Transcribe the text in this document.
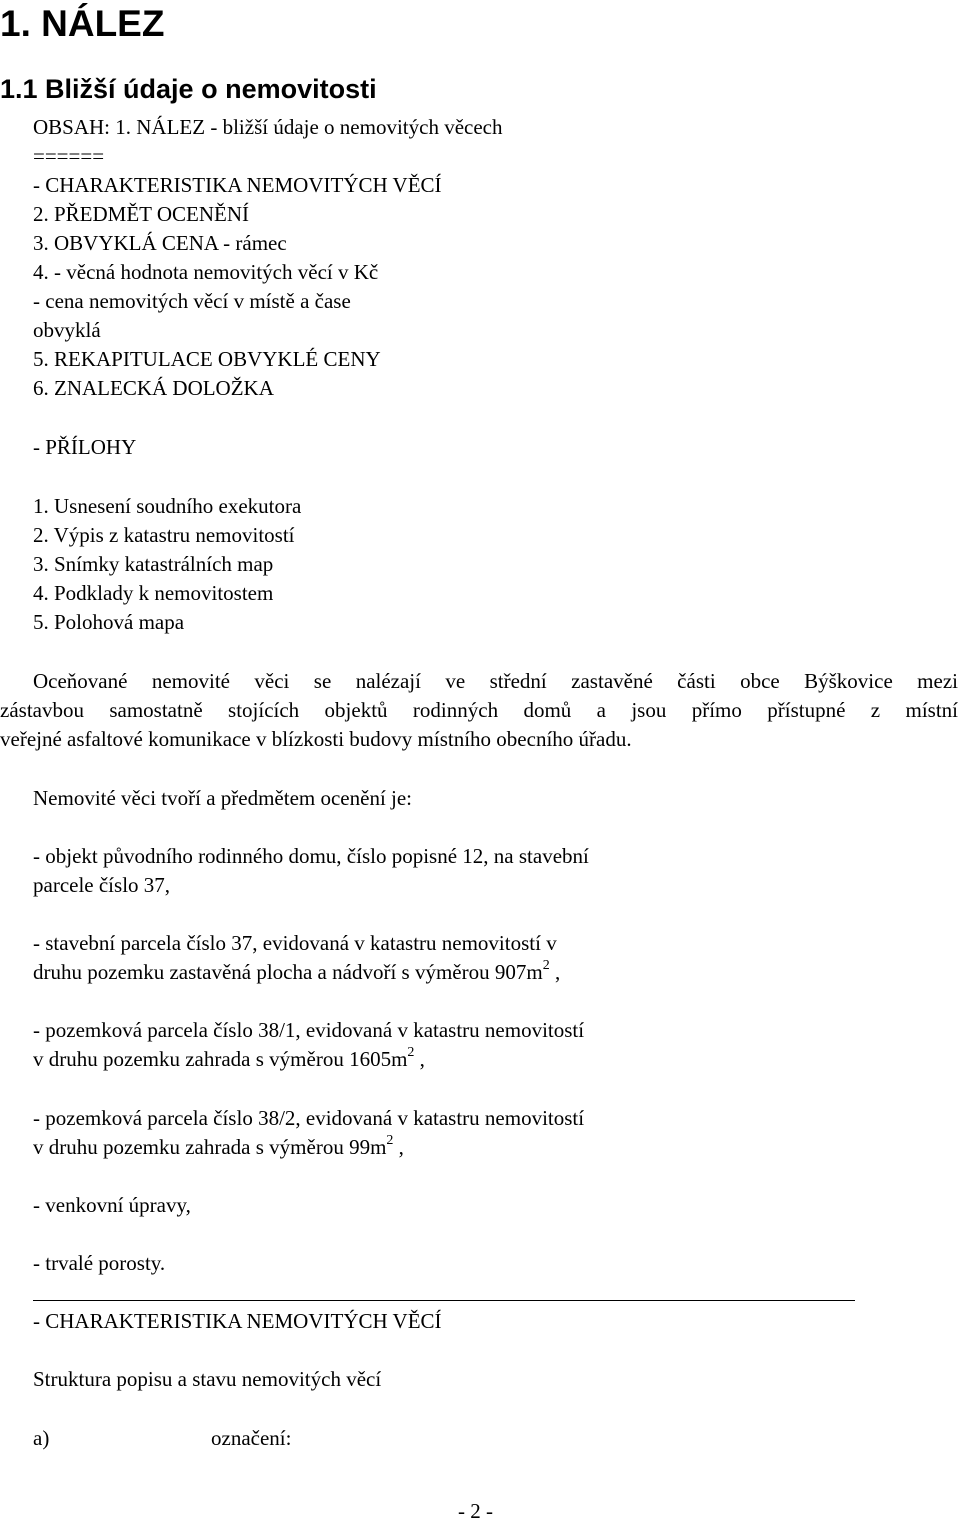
1. NÁLEZ
1.1 Bližší údaje o nemovitosti
OBSAH: 1. NÁLEZ - bližší údaje o nemovitých věcech
======
- CHARAKTERISTIKA NEMOVITÝCH VĚCÍ
2. PŘEDMĚT OCENĚNÍ
3. OBVYKLÁ CENA - rámec
4. - věcná hodnota nemovitých věcí v Kč
- cena nemovitých věcí v místě a čase
obvyklá
5. REKAPITULACE OBVYKLÉ CENY
6. ZNALECKÁ DOLOŽKA
- PŘÍLOHY
1. Usnesení soudního exekutora
2. Výpis z katastru nemovitostí
3. Snímky katastrálních map
4. Podklady k nemovitostem
5. Polohová mapa
Oceňované nemovité věci se nalézají ve střední zastavěné části obce Býškovice mezi
zástavbou samostatně stojících objektů rodinných domů a jsou přímo přístupné z místní
veřejné asfaltové komunikace v blízkosti budovy místního obecního úřadu.
Nemovité věci tvoří a předmětem ocenění je:
- objekt původního rodinného domu, číslo popisné 12, na stavební
parcele číslo 37,
- stavební parcela číslo 37, evidovaná v katastru nemovitostí v
druhu pozemku zastavěná plocha a nádvoří s výměrou $907m^2$ ,
- pozemková parcela číslo 38/1, evidovaná v katastru nemovitostí
v druhu pozemku zahrada s výměrou $1605m^2$ ,
- pozemková parcela číslo 38/2, evidovaná v katastru nemovitostí
v druhu pozemku zahrada s výměrou $99m^2$ ,
- venkovní úpravy,
- trvalé porosty.
- CHARAKTERISTIKA NEMOVITÝCH VĚCÍ
Struktura popisu a stavu nemovitých věcí
a)	označení:
- 2 -
